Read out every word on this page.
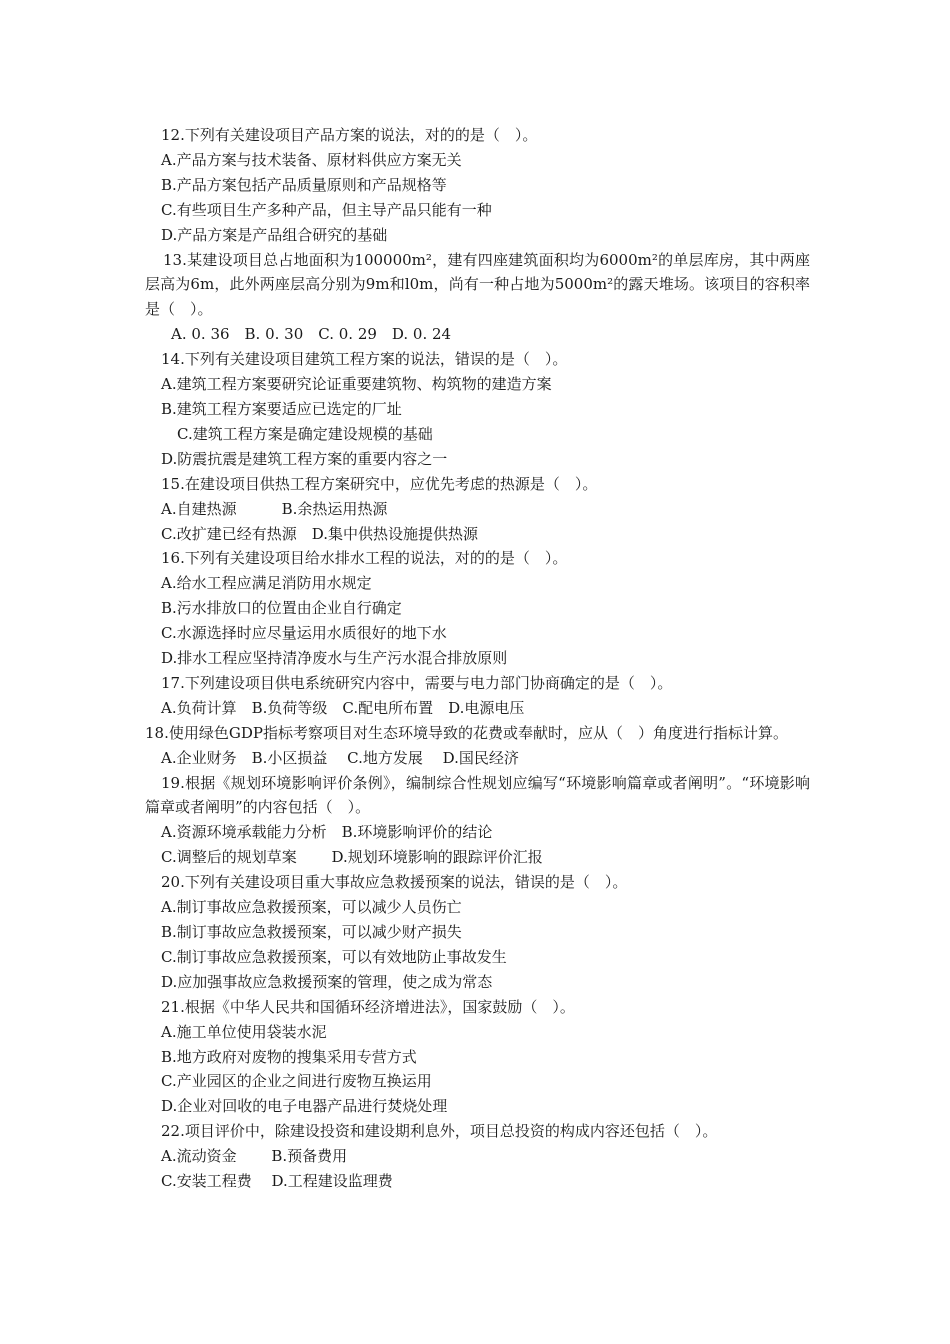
12.下列有关建设项目产品方案的说法，对的的是（　）。
A.产品方案与技术装备、原材料供应方案无关
B.产品方案包括产品质量原则和产品规格等
C.有些项目生产多种产品，但主导产品只能有一种
D.产品方案是产品组合研究的基础
13.某建设项目总占地面积为100000m²，建有四座建筑面积均为6000m²的单层库房，其中两座层高为6m，此外两座层高分别为9m和l0m，尚有一种占地为5000m²的露天堆场。该项目的容积率是（　）。
A. 0. 36　B. 0. 30　C. 0. 29　D. 0. 24
14.下列有关建设项目建筑工程方案的说法，错误的是（　）。
A.建筑工程方案要研究论证重要建筑物、构筑物的建造方案
B.建筑工程方案要适应已选定的厂址
C.建筑工程方案是确定建设规模的基础
D.防震抗震是建筑工程方案的重要内容之一
15.在建设项目供热工程方案研究中，应优先考虑的热源是（　）。
A.自建热源　　　B.余热运用热源
C.改扩建已经有热源　D.集中供热设施提供热源
16.下列有关建设项目给水排水工程的说法，对的的是（　）。
A.给水工程应满足消防用水规定
B.污水排放口的位置由企业自行确定
C.水源选择时应尽量运用水质很好的地下水
D.排水工程应坚持清净废水与生产污水混合排放原则
17.下列建设项目供电系统研究内容中，需要与电力部门协商确定的是（　）。
A.负荷计算　B.负荷等级　C.配电所布置　D.电源电压
18.使用绿色GDP指标考察项目对生态环境导致的花费或奉献时，应从（　）角度进行指标计算。
A.企业财务　B.小区损益　 C.地方发展　 D.国民经济
19.根据《规划环境影响评价条例》，编制综合性规划应编写“环境影响篇章或者阐明”。“环境影响篇章或者阐明”的内容包括（　）。
A.资源环境承载能力分析　B.环境影响评价的结论
C.调整后的规划草案　　 D.规划环境影响的跟踪评价汇报
20.下列有关建设项目重大事故应急救援预案的说法，错误的是（　）。
A.制订事故应急救援预案，可以减少人员伤亡
B.制订事故应急救援预案，可以减少财产损失
C.制订事故应急救援预案，可以有效地防止事故发生
D.应加强事故应急救援预案的管理，使之成为常态
21.根据《中华人民共和国循环经济增进法》，国家鼓励（　）。
A.施工单位使用袋装水泥
B.地方政府对废物的搜集采用专营方式
C.产业园区的企业之间进行废物互换运用
D.企业对回收的电子电器产品进行焚烧处理
22.项目评价中，除建设投资和建设期利息外，项目总投资的构成内容还包括（　）。
A.流动资金　　 B.预备费用
C.安装工程费　 D.工程建设监理费
